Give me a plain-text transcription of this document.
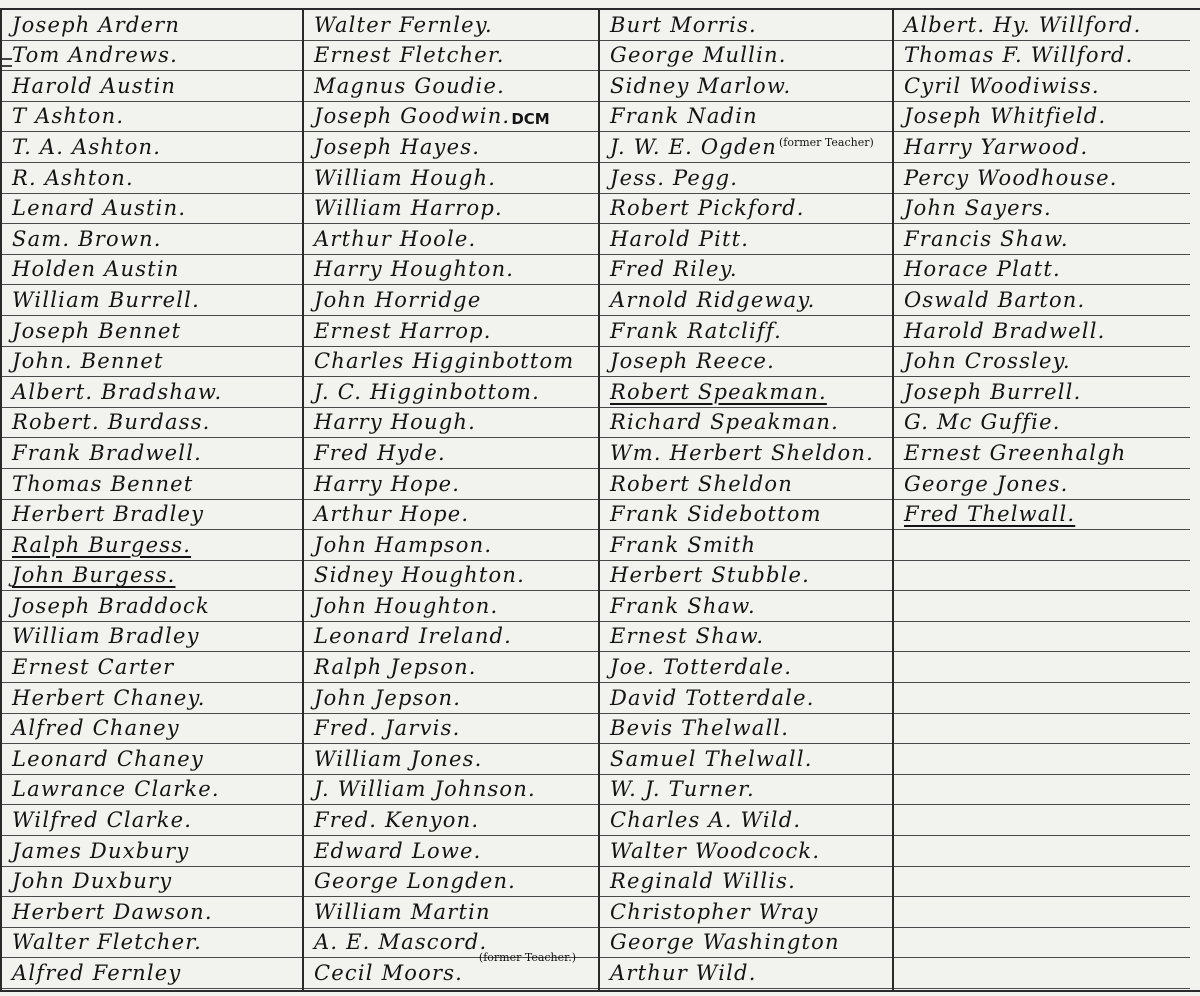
Joseph Ardern
Tom Andrews.
Harold Austin
T Ashton.
T. A. Ashton.
R. Ashton.
Lenard Austin.
Sam. Brown.
Holden Austin
William Burrell.
Joseph Bennet
John. Bennet
Albert. Bradshaw.
Robert. Burdass.
Frank Bradwell.
Thomas Bennet
Herbert Bradley
Ralph Burgess.
John Burgess.
Joseph Braddock
William Bradley
Ernest Carter
Herbert Chaney.
Alfred Chaney
Leonard Chaney
Lawrance Clarke.
Wilfred Clarke.
James Duxbury
John Duxbury
Herbert Dawson.
Walter Fletcher.
Alfred Fernley
Walter Fernley.
Ernest Fletcher.
Magnus Goudie.
Joseph Goodwin. DCM
Joseph Hayes.
William Hough.
William Harrop.
Arthur Hoole.
Harry Houghton.
John Horridge
Ernest Harrop.
Charles Higginbottom
J. C. Higginbottom.
Harry Hough.
Fred Hyde.
Harry Hope.
Arthur Hope.
John Hampson.
Sidney Houghton.
John Houghton.
Leonard Ireland.
Ralph Jepson.
John Jepson.
Fred. Jarvis.
William Jones.
J. William Johnson.
Fred. Kenyon.
Edward Lowe.
George Longden.
William Martin
A. E. Mascord.
Cecil Moors.
(former Teacher.)
Burt Morris.
George Mullin.
Sidney Marlow.
Frank Nadin
J. W. E. Ogden (former Teacher)
Jess. Pegg.
Robert Pickford.
Harold Pitt.
Fred Riley.
Arnold Ridgeway.
Frank Ratcliff.
Joseph Reece.
Robert Speakman.
Richard Speakman.
Wm. Herbert Sheldon.
Robert Sheldon
Frank Sidebottom
Frank Smith
Herbert Stubble.
Frank Shaw.
Ernest Shaw.
Joe. Totterdale.
David Totterdale.
Bevis Thelwall.
Samuel Thelwall.
W. J. Turner.
Charles A. Wild.
Walter Woodcock.
Reginald Willis.
Christopher Wray
George Washington
Arthur Wild.
Albert. Hy. Willford.
Thomas F. Willford.
Cyril Woodiwiss.
Joseph Whitfield.
Harry Yarwood.
Percy Woodhouse.
John Sayers.
Francis Shaw.
Horace Platt.
Oswald Barton.
Harold Bradwell.
John Crossley.
Joseph Burrell.
G. Mc Guffie.
Ernest Greenhalgh
George Jones.
Fred Thelwall.
